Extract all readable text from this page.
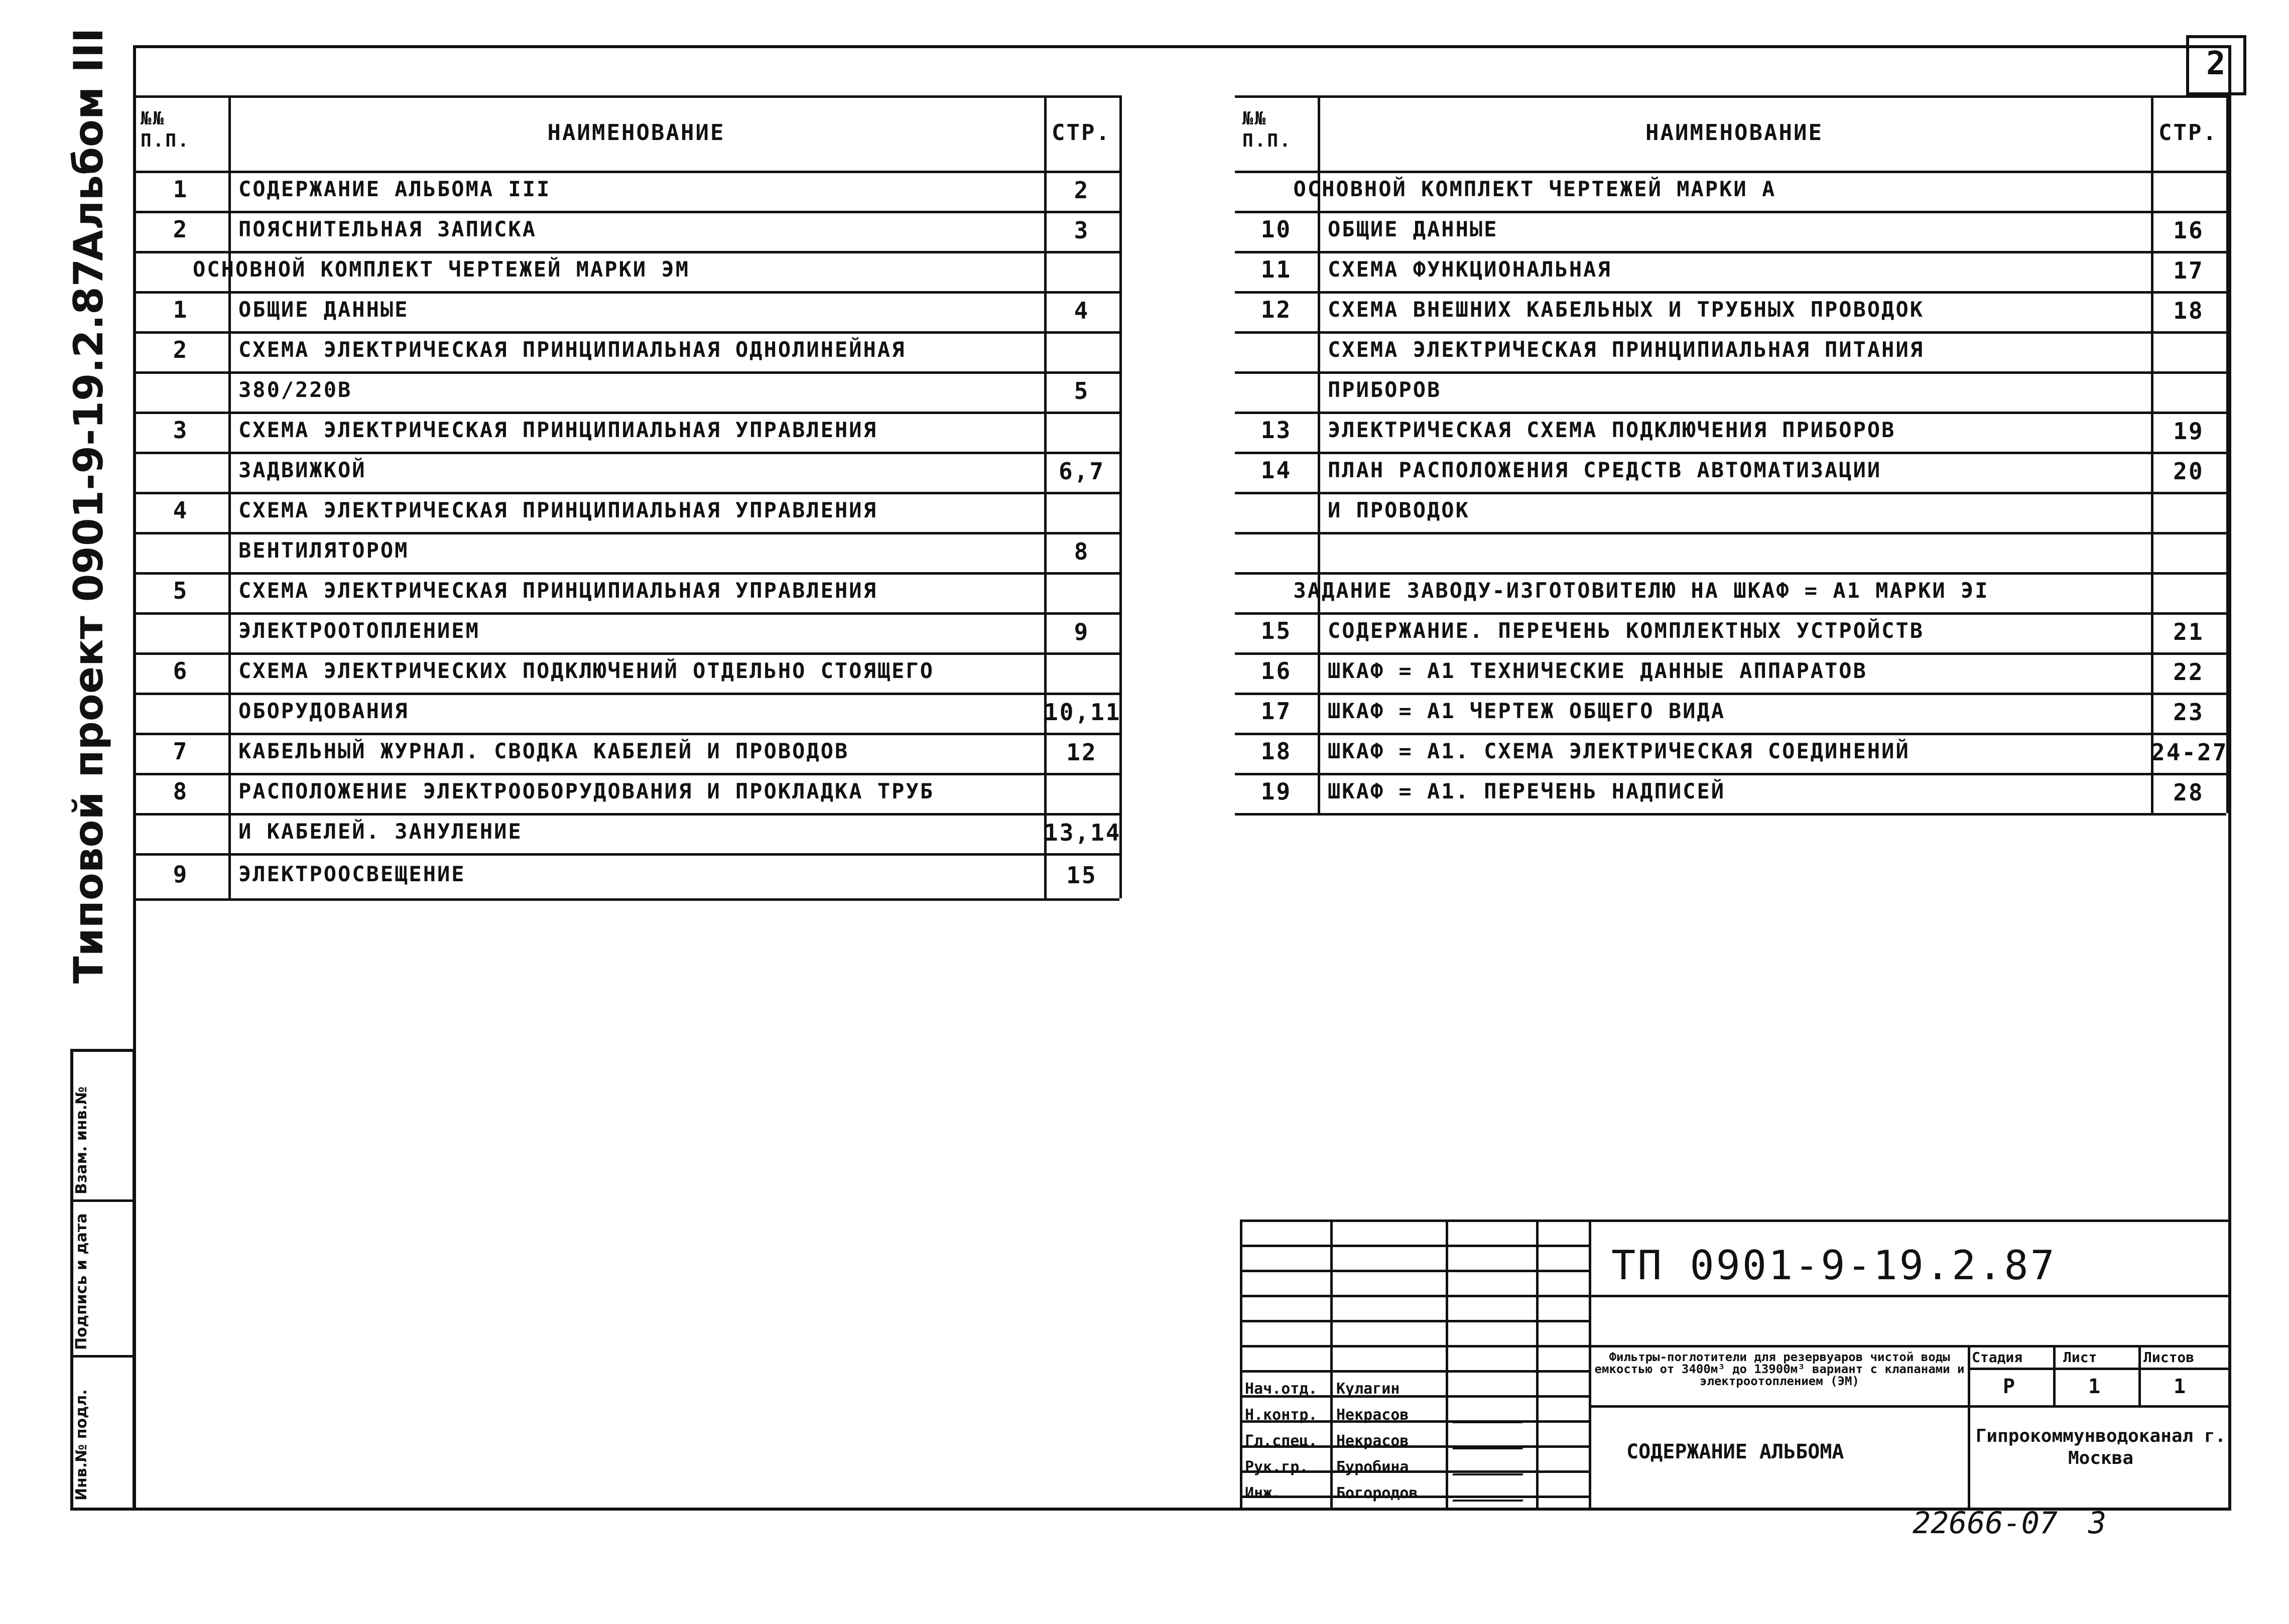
2
Альбом III
Типовой проект 0901-9-19.2.87
Инв.№ подл.
Подпись и дата
Взам. инв.№
№№ П.П.	НАИМЕНОВАНИЕ	СТР.
1	СОДЕРЖАНИЕ АЛЬБОМА III	2
2	ПОЯСНИТЕЛЬНАЯ ЗАПИСКА	3
ОСНОВНОЙ КОМПЛЕКТ ЧЕРТЕЖЕЙ МАРКИ ЭМ
1	ОБЩИЕ ДАННЫЕ	4
2	СХЕМА ЭЛЕКТРИЧЕСКАЯ ПРИНЦИПИАЛЬНАЯ ОДНОЛИНЕЙНАЯ
380/220В	5
3	СХЕМА ЭЛЕКТРИЧЕСКАЯ ПРИНЦИПИАЛЬНАЯ УПРАВЛЕНИЯ
ЗАДВИЖКОЙ	6,7
4	СХЕМА ЭЛЕКТРИЧЕСКАЯ ПРИНЦИПИАЛЬНАЯ УПРАВЛЕНИЯ
ВЕНТИЛЯТОРОМ	8
5	СХЕМА ЭЛЕКТРИЧЕСКАЯ ПРИНЦИПИАЛЬНАЯ УПРАВЛЕНИЯ
ЭЛЕКТРООТОПЛЕНИЕМ	9
6	СХЕМА ЭЛЕКТРИЧЕСКИХ ПОДКЛЮЧЕНИЙ ОТДЕЛЬНО СТОЯЩЕГО
ОБОРУДОВАНИЯ	10,11
7	КАБЕЛЬНЫЙ ЖУРНАЛ. СВОДКА КАБЕЛЕЙ И ПРОВОДОВ	12
8	РАСПОЛОЖЕНИЕ ЭЛЕКТРООБОРУДОВАНИЯ И ПРОКЛАДКА ТРУБ
И КАБЕЛЕЙ. ЗАНУЛЕНИЕ	13,14
9	ЭЛЕКТРООСВЕЩЕНИЕ	15
№№ П.П.	НАИМЕНОВАНИЕ	СТР.
ОСНОВНОЙ КОМПЛЕКТ ЧЕРТЕЖЕЙ МАРКИ А
10	ОБЩИЕ ДАННЫЕ	16
11	СХЕМА ФУНКЦИОНАЛЬНАЯ	17
12	СХЕМА ВНЕШНИХ КАБЕЛЬНЫХ И ТРУБНЫХ ПРОВОДОК	18
СХЕМА ЭЛЕКТРИЧЕСКАЯ ПРИНЦИПИАЛЬНАЯ ПИТАНИЯ
ПРИБОРОВ
13	ЭЛЕКТРИЧЕСКАЯ СХЕМА ПОДКЛЮЧЕНИЯ ПРИБОРОВ	19
14	ПЛАН РАСПОЛОЖЕНИЯ СРЕДСТВ АВТОМАТИЗАЦИИ	20
И ПРОВОДОК
ЗАДАНИЕ ЗАВОДУ-ИЗГОТОВИТЕЛЮ НА ШКАФ = А1 МАРКИ ЭI
15	СОДЕРЖАНИЕ. ПЕРЕЧЕНЬ КОМПЛЕКТНЫХ УСТРОЙСТВ	21
16	ШКАФ = А1 ТЕХНИЧЕСКИЕ ДАННЫЕ АППАРАТОВ	22
17	ШКАФ = А1 ЧЕРТЕЖ ОБЩЕГО ВИДА	23
18	ШКАФ = А1. СХЕМА ЭЛЕКТРИЧЕСКАЯ СОЕДИНЕНИЙ	24-27
19	ШКАФ = А1. ПЕРЕЧЕНЬ НАДПИСЕЙ	28
ТП 0901-9-19.2.87
Фильтры-поглотители для резервуаров чистой воды емкостью от 3400м³ до 13900м³ вариант с клапанами и электроотоплением (ЭМ)
СОДЕРЖАНИЕ АЛЬБОМА
Стадия	Лист	Листов
Р	1	1
Гипрокоммунводоканал г. Москва
Нач.отд. Кулагин
Н.контр. Некрасов
Гл.спец. Некрасов
Рук.гр. Буробина
Инж.	Богородов
22666-07 3
